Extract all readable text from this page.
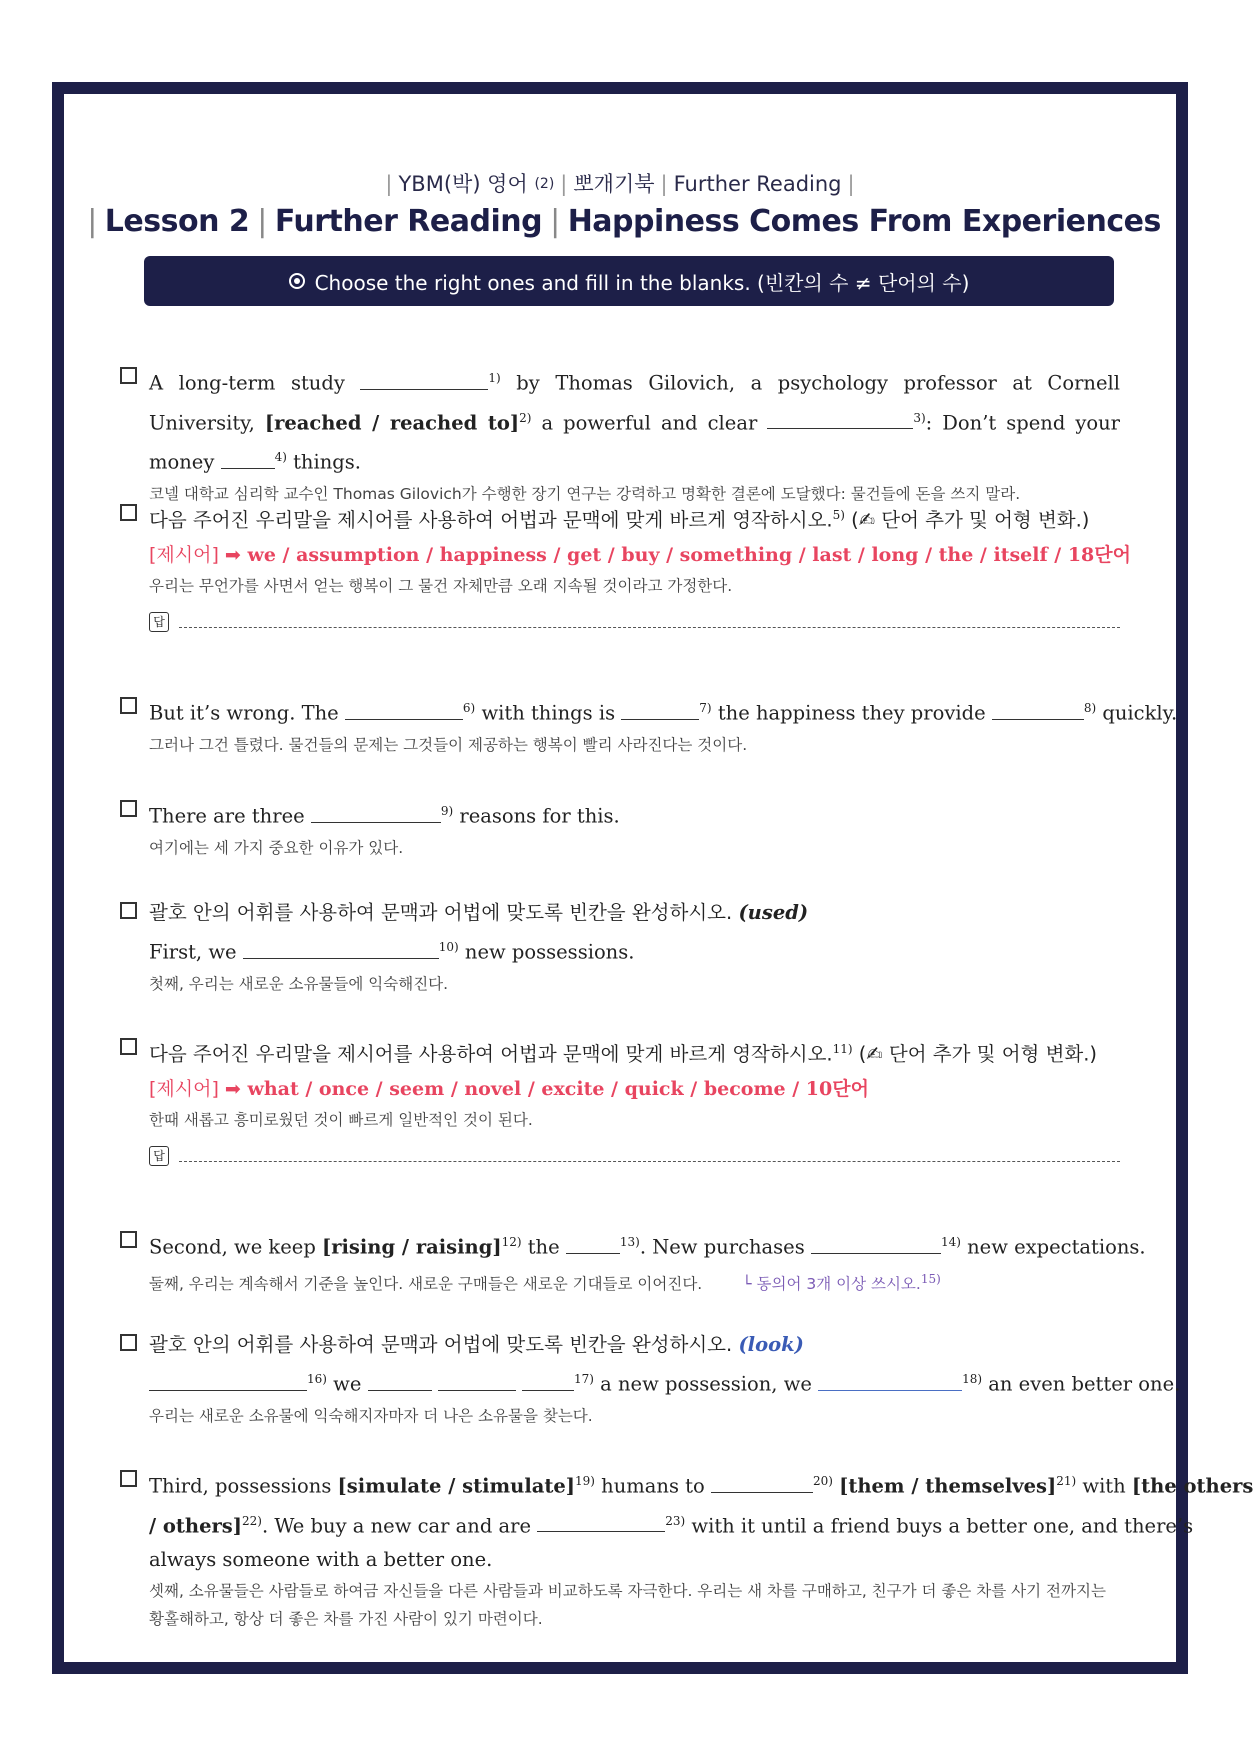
| YBM(박) 영어 $^{(2)}$ | 뽀개기북 | Further Reading |
| Lesson 2 | Further Reading | Happiness Comes From Experiences
Choose the right ones and fill in the blanks. (빈칸의 수 ≠ 단어의 수)
A long-term study	$^{1)}$ by Thomas Gilovich, a psychology professor at Cornell University, [reached / reached to]$^{2)}$ a powerful and clear	$^{3)}$: Don’t spend your money	$^{4)}$ things.
코넬 대학교 심리학 교수인 Thomas Gilovich가 수행한 장기 연구는 강력하고 명확한 결론에 도달했다: 물건들에 돈을 쓰지 말라.
다음 주어진 우리말을 제시어를 사용하여 어법과 문맥에 맞게 바르게 영작하시오.$^{5)}$ (✍ 단어 추가 및 어형 변화.)
[제시어] ➡ we / assumption / happiness / get / buy / something / last / long / the / itself / 18단어
우리는 무언가를 사면서 얻는 행복이 그 물건 자체만큼 오래 지속될 것이라고 가정한다.
답
But it’s wrong. The	$^{6)}$ with things is	$^{7)}$ the happiness they provide	$^{8)}$ quickly.
그러나 그건 틀렸다. 물건들의 문제는 그것들이 제공하는 행복이 빨리 사라진다는 것이다.
There are three	$^{9)}$ reasons for this.
여기에는 세 가지 중요한 이유가 있다.
괄호 안의 어휘를 사용하여 문맥과 어법에 맞도록 빈칸을 완성하시오. (used)
First, we	$^{10)}$ new possessions.
첫째, 우리는 새로운 소유물들에 익숙해진다.
다음 주어진 우리말을 제시어를 사용하여 어법과 문맥에 맞게 바르게 영작하시오.$^{11)}$ (✍ 단어 추가 및 어형 변화.)
[제시어] ➡ what / once / seem / novel / excite / quick / become / 10단어
한때 새롭고 흥미로웠던 것이 빠르게 일반적인 것이 된다.
답
Second, we keep [rising / raising]$^{12)}$ the	$^{13)}$. New purchases	$^{14)}$ new expectations.
둘째, 우리는 계속해서 기준을 높인다. 새로운 구매들은 새로운 기대들로 이어진다.	└ 동의어 3개 이상 쓰시오.$^{15)}$
괄호 안의 어휘를 사용하여 문맥과 어법에 맞도록 빈칸을 완성하시오. (look)
$^{16)}$ we	$^{17)}$ a new possession, we	$^{18)}$ an even better one.
우리는 새로운 소유물에 익숙해지자마자 더 나은 소유물을 찾는다.
Third, possessions [simulate / stimulate]$^{19)}$ humans to	$^{20)}$ [them / themselves]$^{21)}$ with [the others
/ others]$^{22)}$. We buy a new car and are	$^{23)}$ with it until a friend buys a better one, and there’s
always someone with a better one.
셋째, 소유물들은 사람들로 하여금 자신들을 다른 사람들과 비교하도록 자극한다. 우리는 새 차를 구매하고, 친구가 더 좋은 차를 사기 전까지는 황홀해하고, 항상 더 좋은 차를 가진 사람이 있기 마련이다.
